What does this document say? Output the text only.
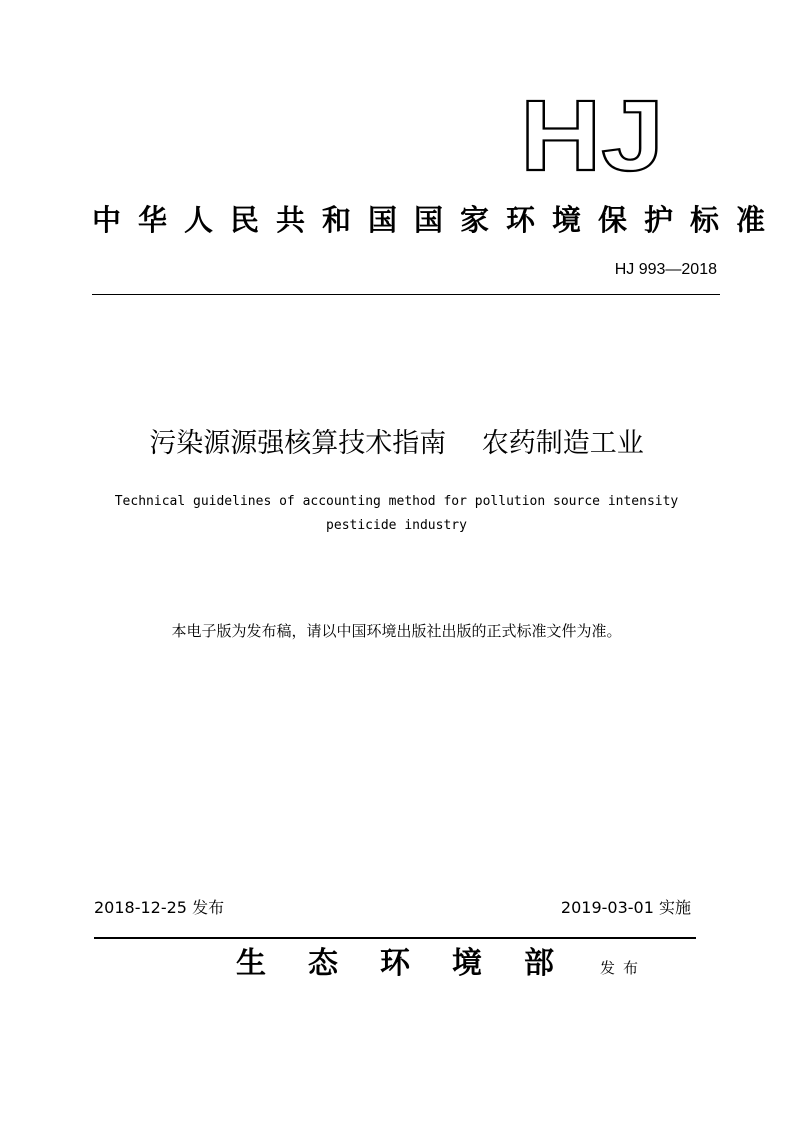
HJ
中华人民共和国国家环境保护标准
HJ 993—2018
污染源源强核算技术指南　 农药制造工业
Technical guidelines of accounting method for pollution source intensity
pesticide industry
本电子版为发布稿，请以中国环境出版社出版的正式标准文件为准。
2018-12-25 发布	2019-03-01 实施
生态环境部 发布
